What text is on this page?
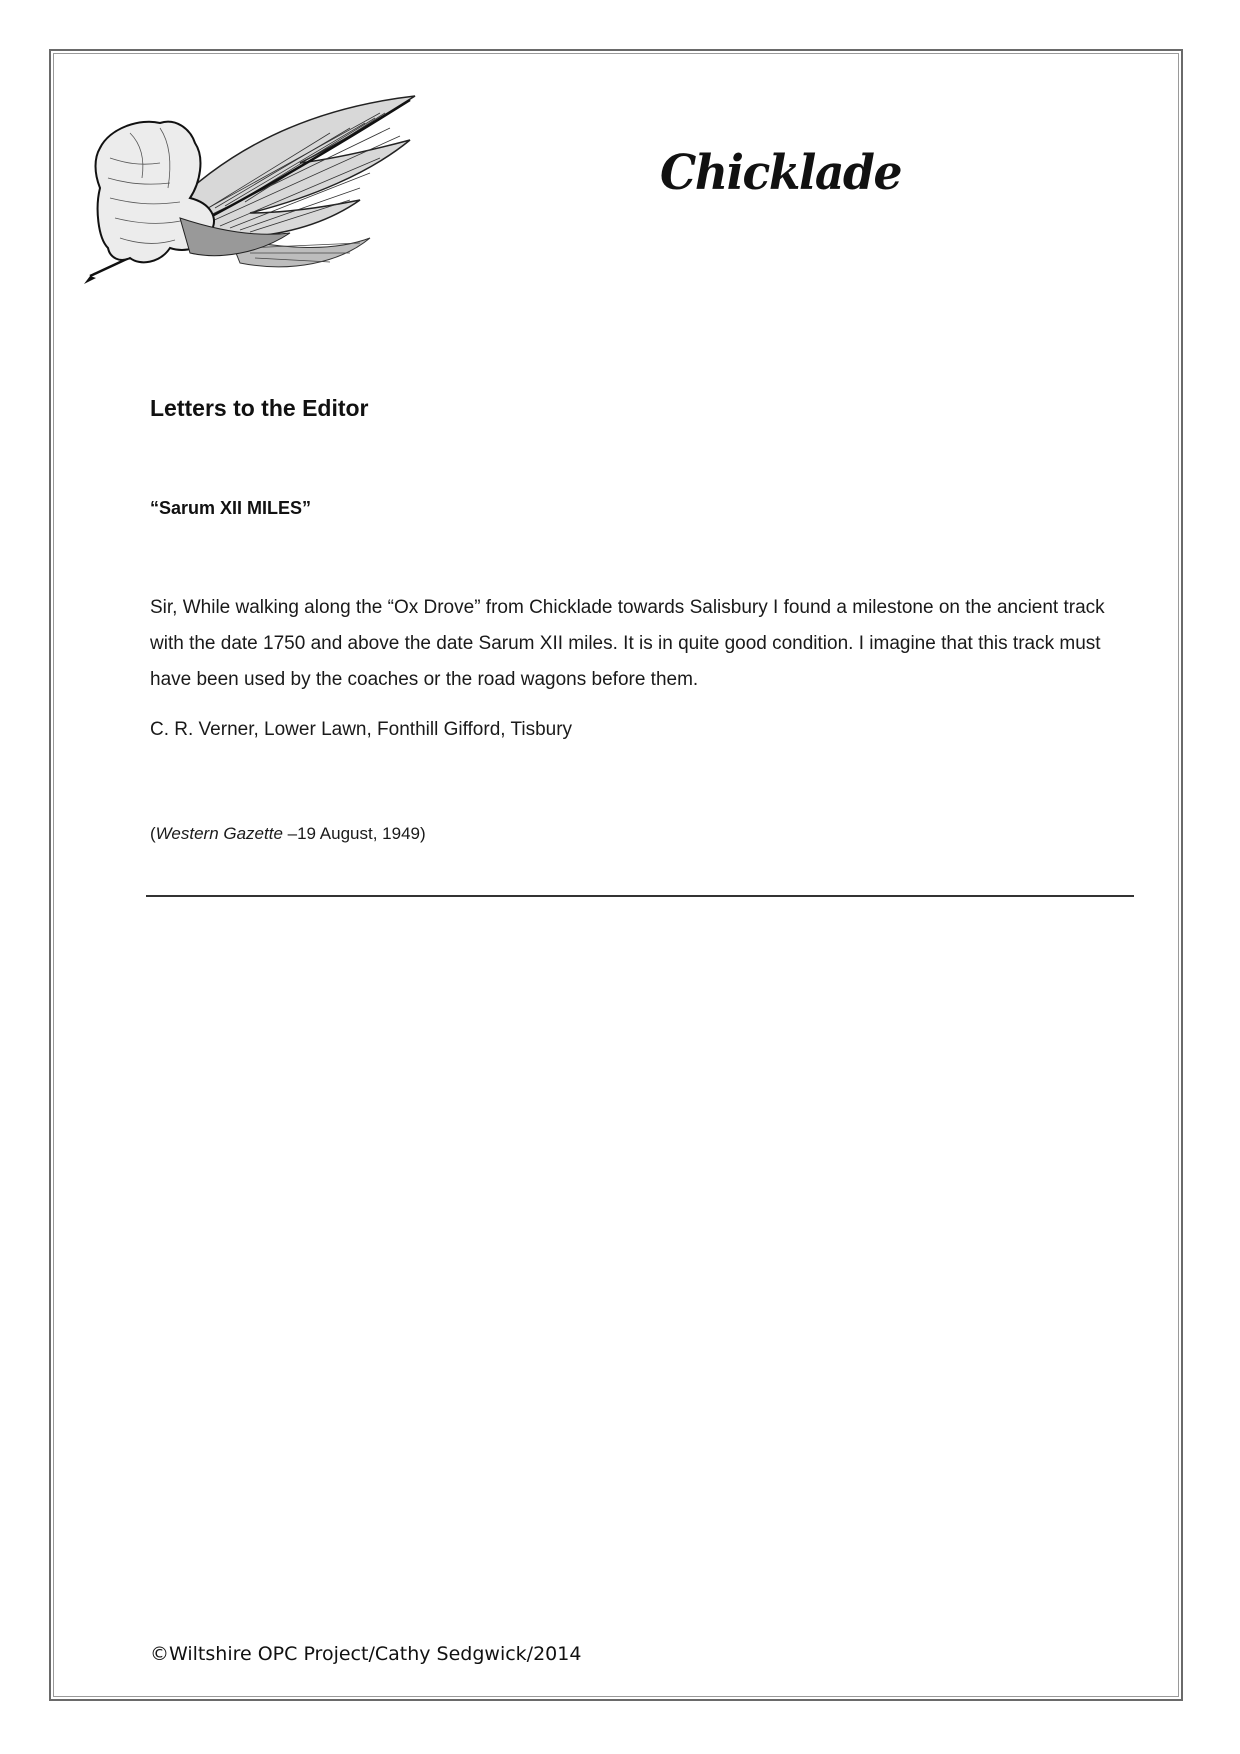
Chicklade
Letters to the Editor
“Sarum XII MILES”

Sir, While walking along the “Ox Drove” from Chicklade towards Salisbury I found a milestone on the ancient track with the date 1750 and above the date Sarum XII miles. It is in quite good condition. I imagine that this track must have been used by the coaches or the road wagons before them.

C. R. Verner, Lower Lawn, Fonthill Gifford, Tisbury

(Western Gazette –19 August, 1949)
©Wiltshire OPC Project/Cathy Sedgwick/2014
